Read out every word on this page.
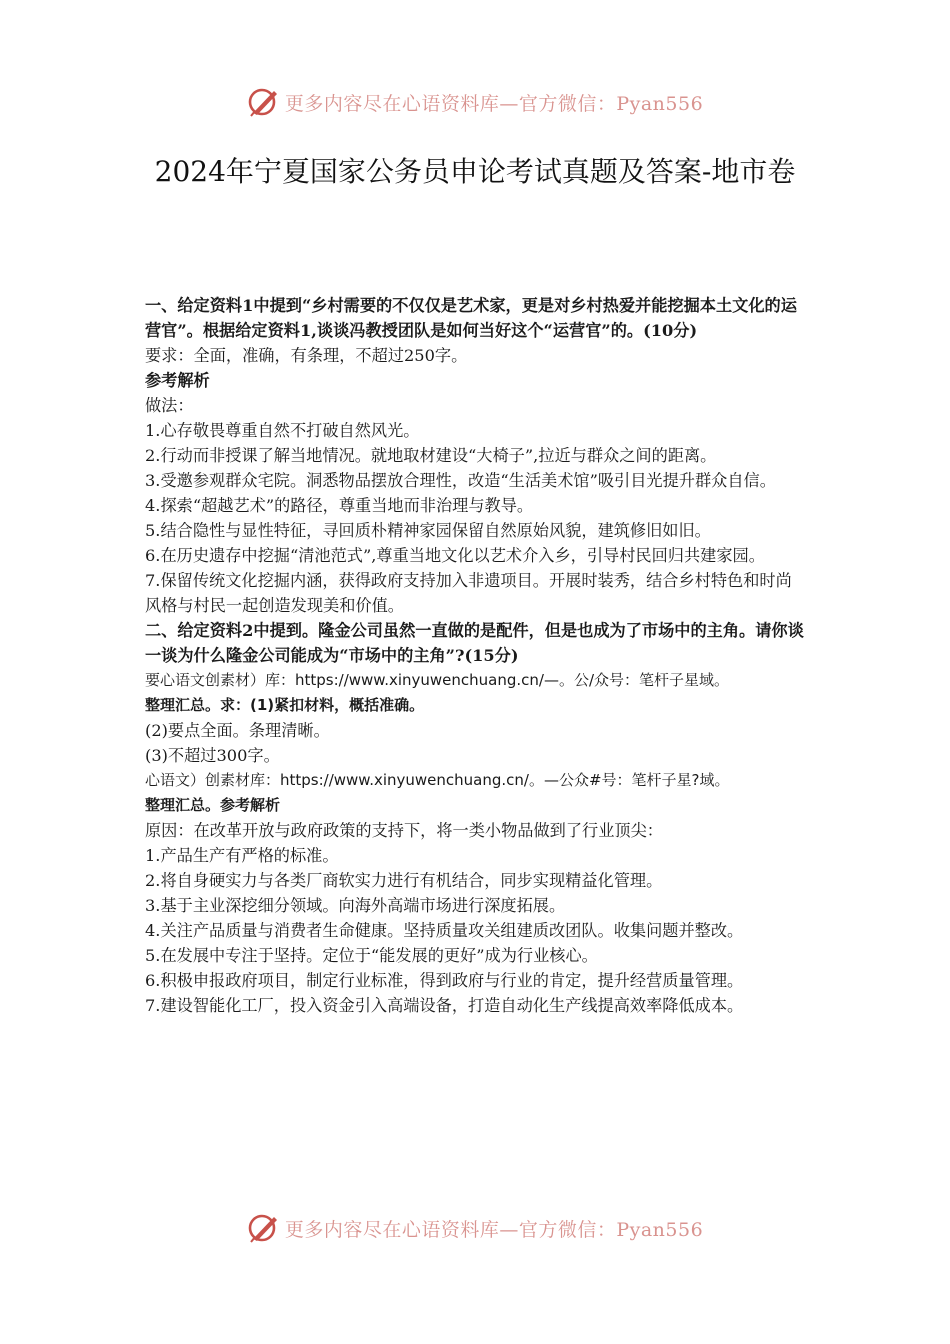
更多内容尽在心语资料库—官方微信：Pyan556
2024年宁夏国家公务员申论考试真题及答案-地市卷

一、给定资料1中提到“乡村需要的不仅仅是艺术家，更是对乡村热爱并能挖掘本土文化的运营官”。根据给定资料1,谈谈冯教授团队是如何当好这个“运营官”的。(10分)

要求：全面，准确，有条理，不超过250字。

参考解析

做法：

1.心存敬畏尊重自然不打破自然风光。

2.行动而非授课了解当地情况。就地取材建设“大椅子”,拉近与群众之间的距离。

3.受邀参观群众宅院。洞悉物品摆放合理性，改造“生活美术馆”吸引目光提升群众自信。

4.探索“超越艺术”的路径，尊重当地而非治理与教导。

5.结合隐性与显性特征，寻回质朴精神家园保留自然原始风貌，建筑修旧如旧。

6.在历史遗存中挖掘“清池范式”,尊重当地文化以艺术介入乡，引导村民回归共建家园。

7.保留传统文化挖掘内涵，获得政府支持加入非遗项目。开展时装秀，结合乡村特色和时尚风格与村民一起创造发现美和价值。

二、给定资料2中提到。隆金公司虽然一直做的是配件，但是也成为了市场中的主角。请你谈一谈为什么隆金公司能成为“市场中的主角”?(15分)

要心语文创素材）库：https://www.xinyuwenchuang.cn/—。公/众号：笔杆子星域。

整理汇总。求：(1)紧扣材料，概括准确。

(2)要点全面。条理清晰。

(3)不超过300字。

心语文）创素材库：https://www.xinyuwenchuang.cn/。—公众#号：笔杆子星?域。

整理汇总。参考解析

原因：在改革开放与政府政策的支持下，将一类小物品做到了行业顶尖：

1.产品生产有严格的标准。

2.将自身硬实力与各类厂商软实力进行有机结合，同步实现精益化管理。

3.基于主业深挖细分领域。向海外高端市场进行深度拓展。

4.关注产品质量与消费者生命健康。坚持质量攻关组建质改团队。收集问题并整改。

5.在发展中专注于坚持。定位于“能发展的更好”成为行业核心。

6.积极申报政府项目，制定行业标准，得到政府与行业的肯定，提升经营质量管理。

7.建设智能化工厂，投入资金引入高端设备，打造自动化生产线提高效率降低成本。

更多内容尽在心语资料库—官方微信：Pyan556
